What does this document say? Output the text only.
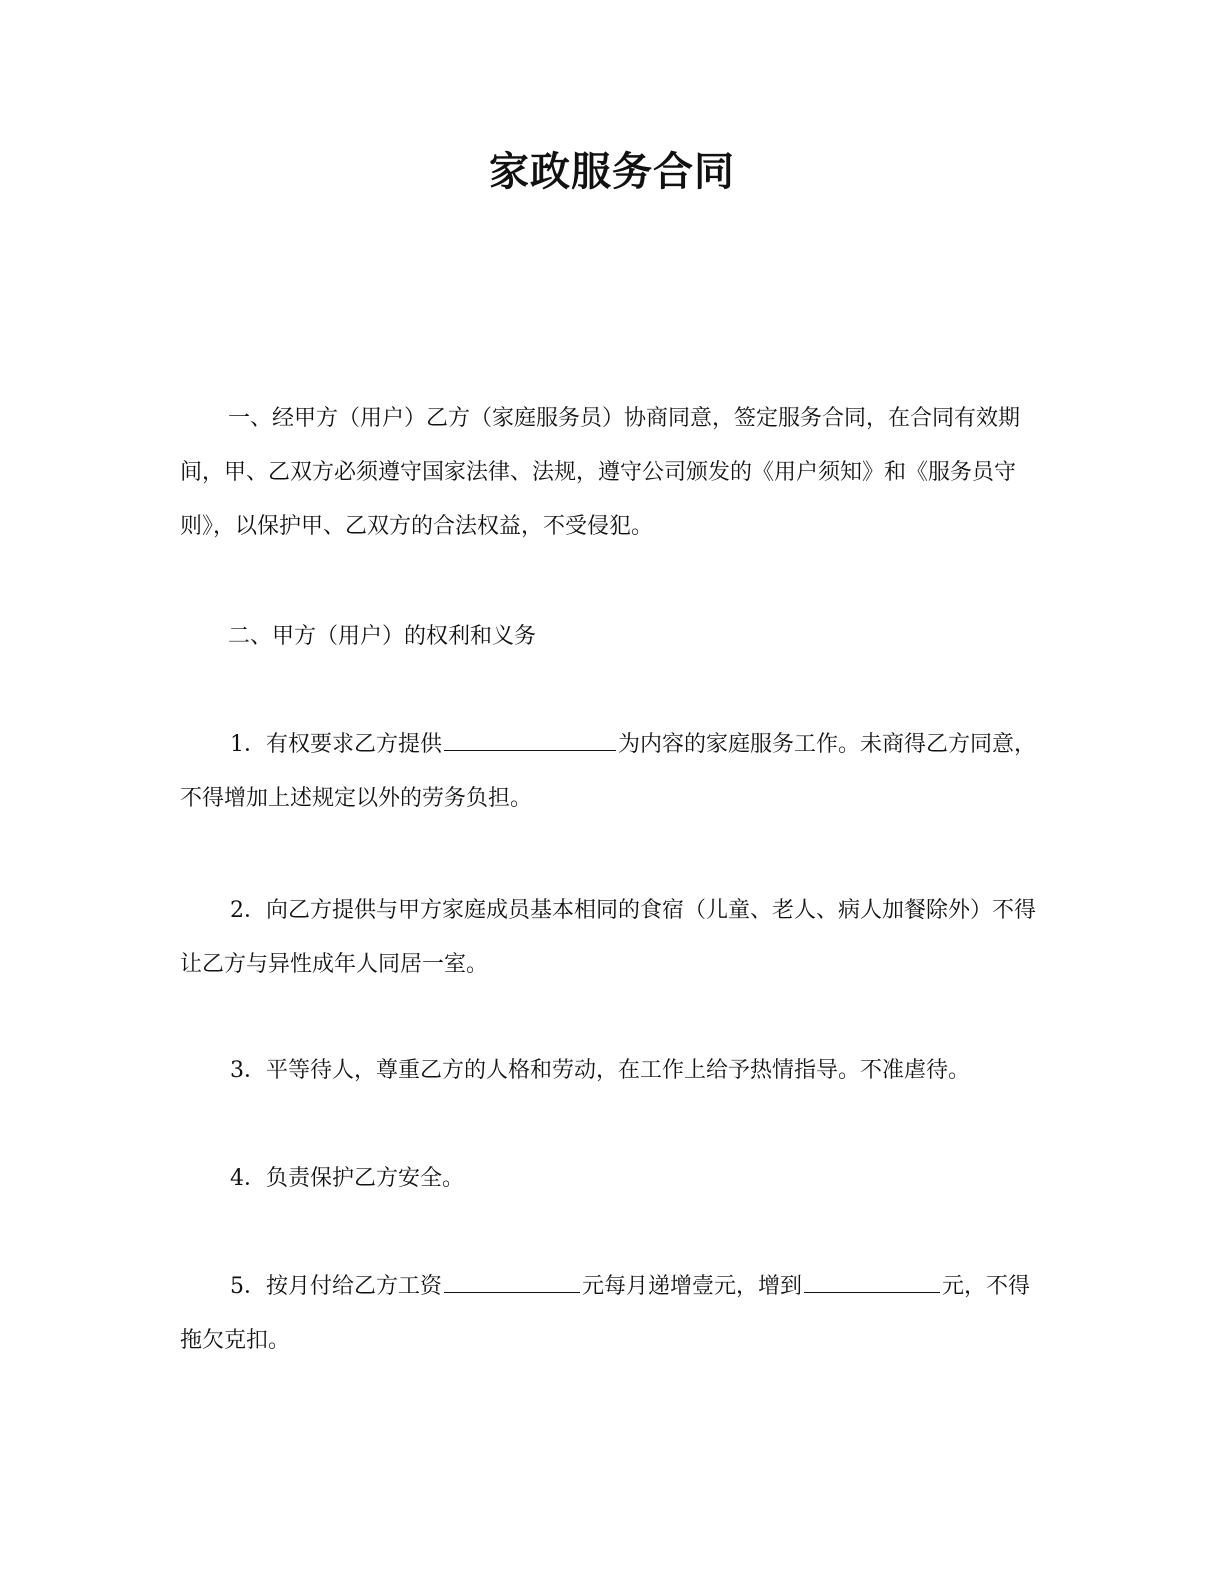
家政服务合同

一、经甲方（用户）乙方（家庭服务员）协商同意，签定服务合同，在合同有效期间，甲、乙双方必须遵守国家法律、法规，遵守公司颁发的《用户须知》和《服务员守则》，以保护甲、乙双方的合法权益，不受侵犯。

二、甲方（用户）的权利和义务

1．有权要求乙方提供	为内容的家庭服务工作。未商得乙方同意，不得增加上述规定以外的劳务负担。

2．向乙方提供与甲方家庭成员基本相同的食宿（儿童、老人、病人加餐除外）不得让乙方与异性成年人同居一室。

3．平等待人，尊重乙方的人格和劳动，在工作上给予热情指导。不准虐待。

4．负责保护乙方安全。

5．按月付给乙方工资	元每月递增壹元，增到	元，不得拖欠克扣。
